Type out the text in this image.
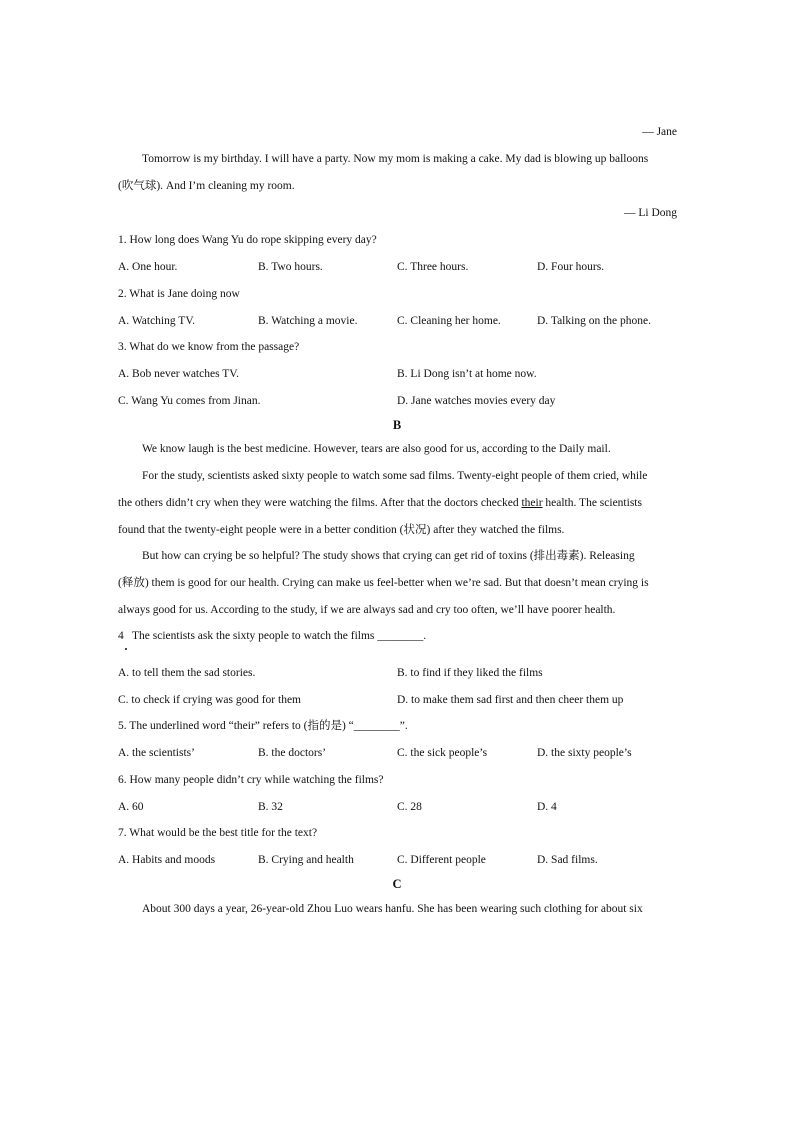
— Jane
Tomorrow is my birthday. I will have a party. Now my mom is making a cake. My dad is blowing up balloons
(吹气球). And I’m cleaning my room.
— Li Dong
1. How long does Wang Yu do rope skipping every day?
A. One hour.	B. Two hours.	C. Three hours.	D. Four hours.
2. What is Jane doing now
A. Watching TV.	B. Watching a movie.	C. Cleaning her home.	D. Talking on the phone.
3. What do we know from the passage?
A. Bob never watches TV.	B. Li Dong isn’t at home now.
C. Wang Yu comes from Jinan.	D. Jane watches movies every day
B
We know laugh is the best medicine. However, tears are also good for us, according to the Daily mail.
For the study, scientists asked sixty people to watch some sad films. Twenty-eight people of them cried, while
the others didn’t cry when they were watching the films. After that the doctors checked their health. The scientists
found that the twenty-eight people were in a better condition (状况) after they watched the films.
But how can crying be so helpful? The study shows that crying can get rid of toxins (排出毒素). Releasing
(释放) them is good for our health. Crying can make us feel-better when we’re sad. But that doesn’t mean crying is
always good for us. According to the study, if we are always sad and cry too often, we’ll have poorer health.
4 The scientists ask the sixty people to watch the films ________.
A. to tell them the sad stories.	B. to find if they liked the films
C. to check if crying was good for them	D. to make them sad first and then cheer them up
5. The underlined word “their” refers to (指的是) “________”.
A. the scientists’	B. the doctors’	C. the sick people’s	D. the sixty people’s
6. How many people didn’t cry while watching the films?
A. 60	B. 32	C. 28	D. 4
7. What would be the best title for the text?
A. Habits and moods	B. Crying and health	C. Different people	D. Sad films.
C
About 300 days a year, 26-year-old Zhou Luo wears hanfu. She has been wearing such clothing for about six
